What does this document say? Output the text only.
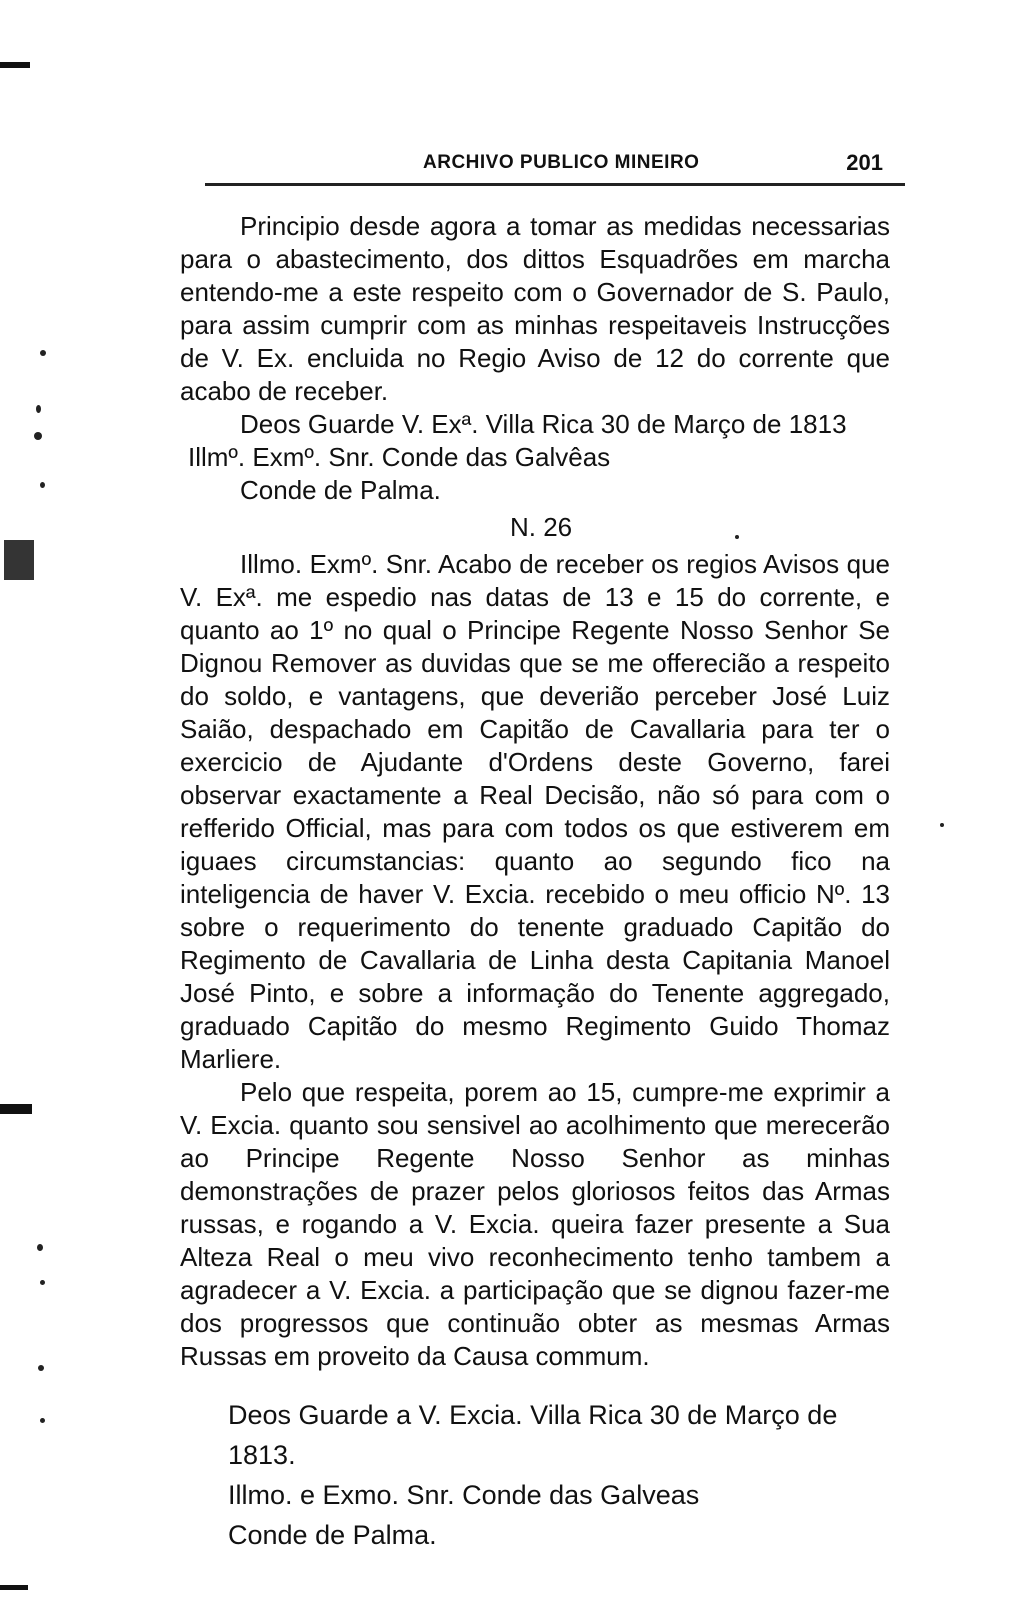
ARCHIVO PUBLICO MINEIRO	201

Principio desde agora a tomar as medidas necessarias para o abastecimento, dos dittos Esquadrões em marcha entendo-me a este respeito com o Governador de S. Paulo, para assim cumprir com as minhas respeitaveis Instrucções de V. Ex. encluida no Regio Aviso de 12 do corrente que acabo de receber.

Deos Guarde V. Exª. Villa Rica 30 de Março de 1813

Illmº. Exmº. Snr. Conde das Galvêas

Conde de Palma.

N. 26

Illmo. Exmº. Snr. Acabo de receber os regios Avisos que V. Exª. me espedio nas datas de 13 e 15 do corrente, e quanto ao 1º no qual o Principe Regente Nosso Senhor Se Dignou Remover as duvidas que se me offerecião a respeito do soldo, e vantagens, que deverião perceber José Luiz Saião, despachado em Capitão de Cavallaria para ter o exercicio de Ajudante d'Ordens deste Governo, farei observar exactamente a Real Decisão, não só para com o refferido Official, mas para com todos os que estiverem em iguaes circumstancias: quanto ao segundo fico na inteligencia de haver V. Excia. recebido o meu officio Nº. 13 sobre o requerimento do tenente graduado Capitão do Regimento de Cavallaria de Linha desta Capitania Manoel José Pinto, e sobre a informação do Tenente aggregado, graduado Capitão do mesmo Regimento Guido Thomaz Marliere.

Pelo que respeita, porem ao 15, cumpre-me exprimir a V. Excia. quanto sou sensivel ao acolhimento que merecerão ao Principe Regente Nosso Senhor as minhas demonstrações de prazer pelos gloriosos feitos das Armas russas, e rogando a V. Excia. queira fazer presente a Sua Alteza Real o meu vivo reconhecimento tenho tambem a agradecer a V. Excia. a participação que se dignou fazer-me dos progressos que continuão obter as mesmas Armas Russas em proveito da Causa commum.

Deos Guarde a V. Excia. Villa Rica 30 de Março de 1813.

Illmo. e Exmo. Snr. Conde das Galveas

Conde de Palma.
